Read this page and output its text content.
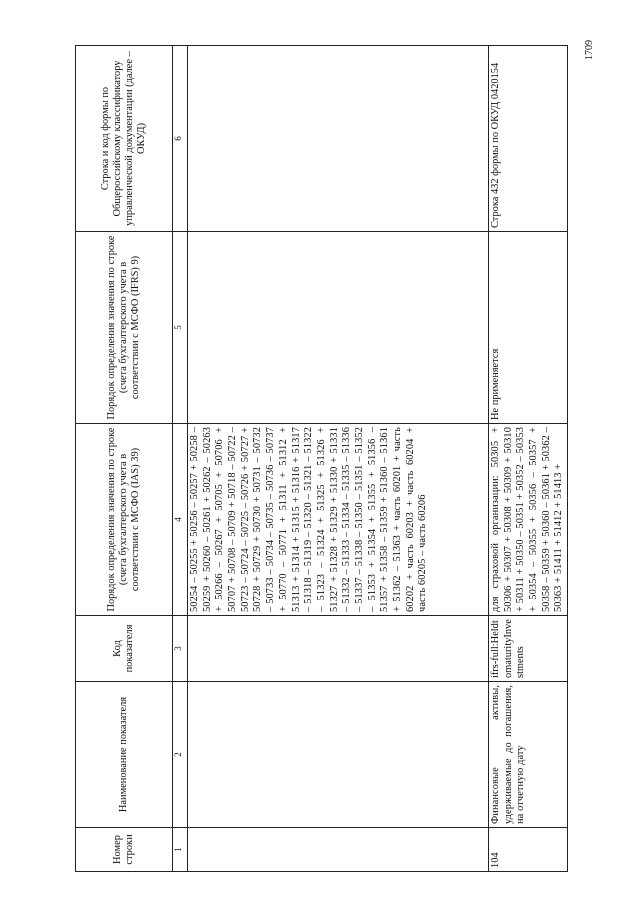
1709
Номер строки	Наименование показателя	Код показателя	Порядок определения значения по строке (счета бухгалтерского учета в соответствии с МСФО (IAS) 39)	Порядок определения значения по строке (счета бухгалтерского учета в соответствии с МСФО (IFRS) 9)	Строка и код формы по Общероссийскому классификатору управленческой документации (далее – ОКУД)
1	2	3	4	5	6
			50254 – 50255 + 50256 – 50257 + 50258 – 50259 + 50260 – 50261 + 50262 – 50263 + 50266 – 50267 + 50705 + 50706 + 50707 + 50708 – 50709 + 50718 – 50722 – 50723 – 50724 – 50725 – 50726 + 50727 + 50728 + 50729 + 50730 + 50731 – 50732 – 50733 – 50734 – 50735 – 50736 – 50737 + 50770 – 50771 + 51311 + 51312 + 51313 + 51314 + 51315 + 51316 + 51317 – 51318 – 51319 – 51320 – 51321 – 51322 – 51323 – 51324 + 51325 + 51326 + 51327 + 51328 + 51329 + 51330 + 51331 – 51332 – 51333 – 51334 – 51335 – 51336 – 51337 – 51338 – 51350 – 51351 – 51352 – 51353 + 51354 + 51355 + 51356 – 51357 + 51358 – 51359 + 51360 – 51361 + 51362 – 51363 + часть 60201 + часть 60202 + часть 60203 + часть 60204 + часть 60205 – часть 60206		
104	Финансовые активы, удерживаемые до погашения, на отчетную дату	ifrs-full:HeldtomaturityInvestments	для страховой организации: 50305 + 50306 + 50307 + 50308 + 50309 + 50310 + 50311 + 50350 – 50351 + 50352 – 50353 + 50354 – 50355 + 50356 – 50357 + 50358 – 50359 + 50360 – 50361 + 50362 – 50363 + 51411 + 51412 + 51413 +	Не применяется	Строка 432 формы по ОКУД 0420154
